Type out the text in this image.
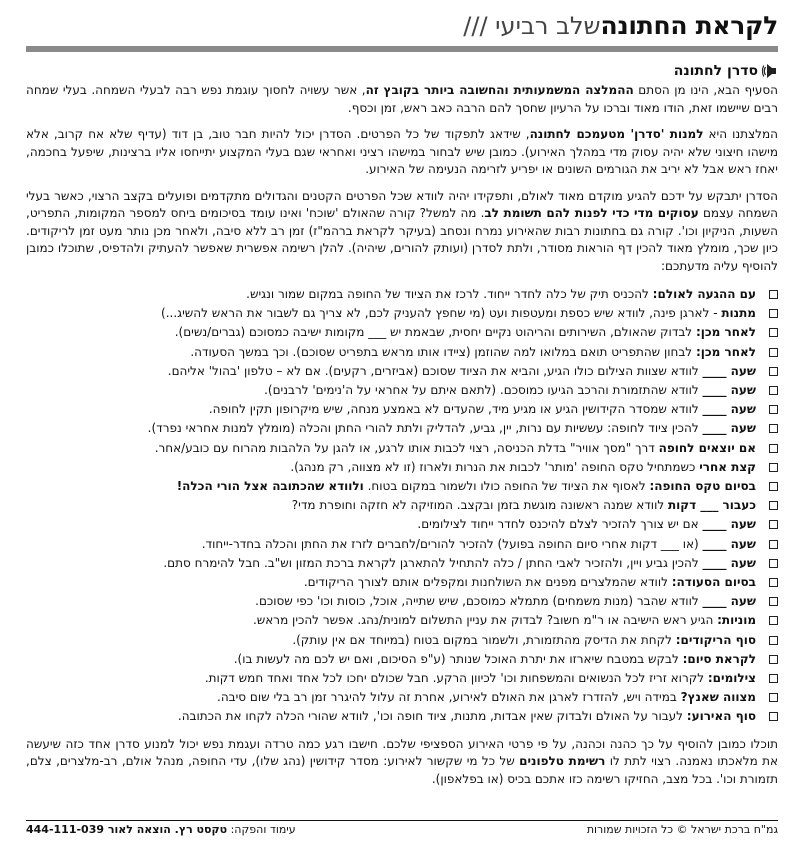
לקראת החתונה
שלב רביעי ///
סדרן לחתונה

הסעיף הבא, הינו מן הסתם ההמלצה המשמעותית והחשובה ביותר בקובץ זה, אשר עשויה לחסוך עוגמת נפש רבה לבעלי השמחה. בעלי שמחה רבים שיישמו זאת, הודו מאוד וברכו על הרעיון שחסך להם הרבה כאב ראש, זמן וכסף.

המלצתנו היא למנות 'סדרן' מטעמכם לחתונה, שידאג לתפקוד של כל הפרטים. הסדרן יכול להיות חבר טוב, בן דוד (עדיף שלא אח קרוב, אלא מישהו חיצוני שלא יהיה עסוק מדי במהלך האירוע). כמובן שיש לבחור במישהו רציני ואחראי שגם בעלי המקצוע יתייחסו אליו ברצינות, שיפעל בחכמה, יאחז ראש אבל לא יריב את הגורמים השונים או יפריע לזרימה הנעימה של האירוע.

הסדרן יתבקש על ידכם להגיע מוקדם מאוד לאולם, ותפקידו יהיה לוודא שכל הפרטים הקטנים והגדולים מתקדמים ופועלים בקצב הרצוי, כאשר בעלי השמחה עצמם עסוקים מדי כדי לפנות להם תשומת לב. מה למשל? קורה שהאולם 'שוכח' ואינו עומד בסיכומים ביחס למספר המקומות, התפריט, השעות, הניקיון וכו'. קורה גם בחתונות רבות שהאירוע נמרח ונסחב (בעיקר לקראת ברהמ"ז) זמן רב ללא סיבה, ולאחר מכן נותר מעט זמן לריקודים. כיון שכך, מומלץ מאוד להכין דף הוראות מסודר, ולתת לסדרן (ועותק להורים, שיהיה). להלן רשימה אפשרית שאפשר להעתיק ולהדפיס, שתוכלו כמובן להוסיף עליה מדעתכם:

עם ההגעה לאולם: להכניס תיק של כלה לחדר ייחוד. לרכז את הציוד של החופה במקום שמור ונגיש.
מתנות - לארגן פינה, לוודא שיש כספת ומעטפות ועט (מי שחפץ להעניק לכם, לא צריך גם לשבור את הראש להשיג...)
לאחר מכן: לבדוק שהאולם, השירותים והריהוט נקיים יחסית, שבאמת יש ___ מקומות ישיבה כמסוכם (גברים/נשים).
לאחר מכן: לבחון שהתפריט תואם במלואו למה שהוזמן (ציידו אותו מראש בתפריט שסוכם). וכך במשך הסעודה.
שעה ____ לוודא שצוות הצילום כולו הגיע, והביא את הציוד שסוכם (אביזרים, רקעים). אם לא – טלפון 'בהול' אליהם.
שעה ____ לוודא שהתזמורת והרכב הגיעו כמוסכם. (לתאם איתם על אחראי על ה'נימים' לרבנים).
שעה ____ לוודא שמסדר הקידושין הגיע או מגיע מיד, שהעדים לא באמצע מנחה, שיש מיקרופון תקין לחופה.
שעה ____ להכין ציוד לחופה: עששיות עם נרות, יין, גביע, להדליק ולתת להורי החתן והכלה (מומלץ למנות אחראי נפרד).
אם יוצאים לחופה דרך "מסך אוויר" בדלת הכניסה, רצוי לכבות אותו לרגע, או להגן על הלהבות מהרוח עם כובע/אחר.
קצת אחרי כשמתחיל טקס החופה 'מותר' לכבות את הנרות ולארוז (זו לא מצווה, רק מנהג).
בסיום טקס החופה: לאסוף את הציוד של החופה כולו ולשמור במקום בטוח. ולוודא שהכתובה אצל הורי הכלה!
כעבור ___ דקות לוודא שמנה ראשונה מוגשת בזמן ובקצב. המוזיקה לא חזקה וחופרת מדי?
שעה ____ אם יש צורך להזכיר לצלם להיכנס לחדר ייחוד לצילומים.
שעה ____ (או ___ דקות אחרי סיום החופה בפועל) להזכיר להורים/לחברים לזרז את החתן והכלה בחדר-ייחוד.
שעה ____ להכין גביע ויין, ולהזכיר לאבי החתן / כלה להתחיל להתארגן לקראת ברכת המזון וש"ב. חבל להימרח סתם.
בסיום הסעודה: לוודא שהמלצרים מפנים את השולחנות ומקפלים אותם לצורך הריקודים.
שעה ____ לוודא שהבר (מנות משמחים) מתמלא כמוסכם, שיש שתייה, אוכל, כוסות וכו' כפי שסוכם.
מוניות: הגיע ראש הישיבה או ר"מ חשוב? לבדוק את עניין התשלום למונית/נהג. אפשר להכין מראש.
סוף הריקודים: לקחת את הדיסק מהתזמורת, ולשמור במקום בטוח (במיוחד אם אין עותק).
לקראת סיום: לבקש במטבח שיארזו את יתרת האוכל שנותר (ע"פ הסיכום, ואם יש לכם מה לעשות בו).
צילומים: לקרוא זריז לכל הנשואים והמשפחות וכו' לכיוון הרקע. חבל שכולם יחכו לכל אחד ואחד חמש דקות.
מצווה שאנץ? במידה ויש, להזדרז לארגן את האולם לאירוע, אחרת זה עלול להיגרר זמן רב בלי שום סיבה.
סוף האירוע: לעבור על האולם ולבדוק שאין אבדות, מתנות, ציוד חופה וכו', לוודא שהורי הכלה לקחו את הכתובה.

תוכלו כמובן להוסיף על כך כהנה וכהנה, על פי פרטי האירוע הספציפי שלכם. חישבו רגע כמה טרדה ועגמת נפש יכול למנוע סדרן אחד כזה שיעשה את מלאכתו נאמנה. רצוי לתת לו רשימת טלפונים של כל מי שקשור לאירוע: מסדר קידושין (נהג שלו), עדי החופה, מנהל אולם, רב-מלצרים, צלם, תזמורת וכו'. בכל מצב, החזיקו רשימה כזו אתכם בכיס (או בפלאפון).

גמ"ח ברכת ישראל © כל הזכויות שמורות
עימוד והפקה: טקסט רץ. הוצאה לאור 444-111-039
